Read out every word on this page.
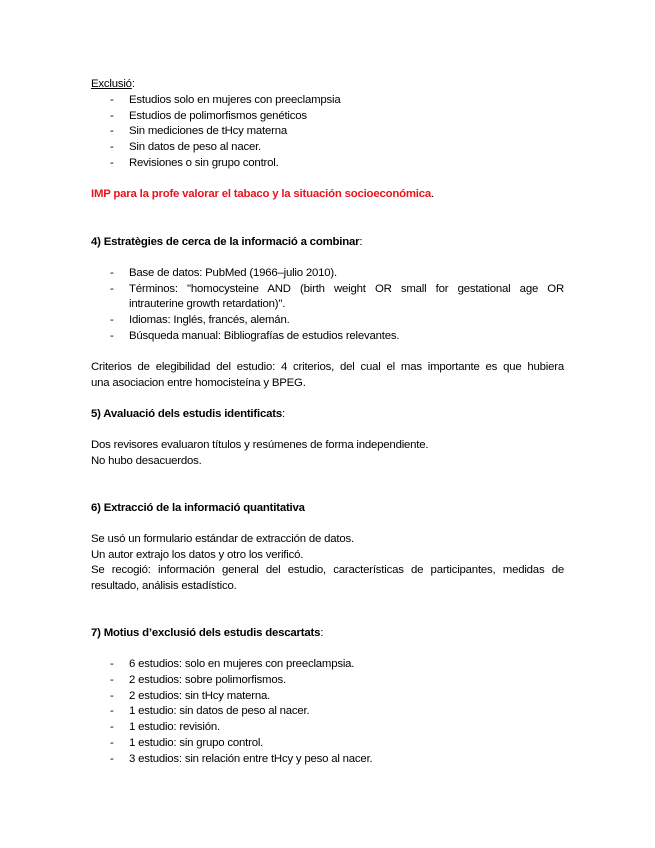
Exclusió:
- Estudios solo en mujeres con preeclampsia
- Estudios de polimorfismos genéticos
- Sin mediciones de tHcy materna
- Sin datos de peso al nacer.
- Revisiones o sin grupo control.
IMP para la profe valorar el tabaco y la situación socioeconómica.
4) Estratègies de cerca de la informació a combinar:
- Base de datos: PubMed (1966–julio 2010).
- Términos: "homocysteine AND (birth weight OR small for gestational age OR
intrauterine growth retardation)".
- Idiomas: Inglés, francés, alemán.
- Búsqueda manual: Bibliografías de estudios relevantes.
Criterios de elegibilidad del estudio: 4 criterios, del cual el mas importante es que hubiera
una asociacion entre homocisteína y BPEG.
5) Avaluació dels estudis identificats:
Dos revisores evaluaron títulos y resúmenes de forma independiente.
No hubo desacuerdos.
6) Extracció de la informació quantitativa
Se usó un formulario estándar de extracción de datos.
Un autor extrajo los datos y otro los verificó.
Se recogió: información general del estudio, características de participantes, medidas de
resultado, análisis estadístico.
7) Motius d’exclusió dels estudis descartats:
- 6 estudios: solo en mujeres con preeclampsia.
- 2 estudios: sobre polimorfismos.
- 2 estudios: sin tHcy materna.
- 1 estudio: sin datos de peso al nacer.
- 1 estudio: revisión.
- 1 estudio: sin grupo control.
- 3 estudios: sin relación entre tHcy y peso al nacer.
